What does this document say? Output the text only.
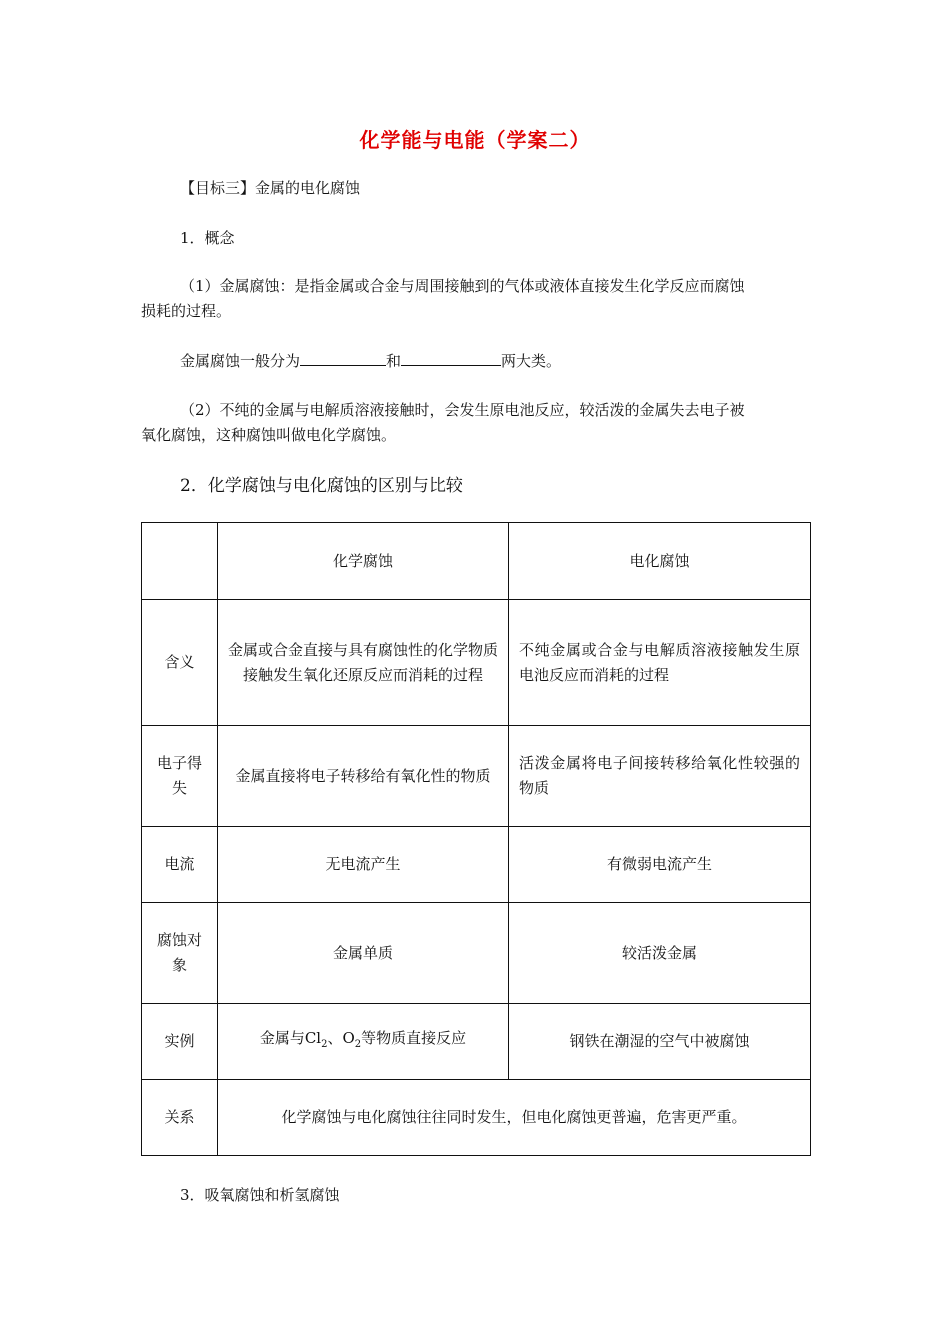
化学能与电能（学案二）
【目标三】金属的电化腐蚀
1．概念
（1）金属腐蚀：是指金属或合金与周围接触到的气体或液体直接发生化学反应而腐蚀
损耗的过程。
金属腐蚀一般分为	和	两大类。
（2）不纯的金属与电解质溶液接触时，会发生原电池反应，较活泼的金属失去电子被
氧化腐蚀，这种腐蚀叫做电化学腐蚀。
2．化学腐蚀与电化腐蚀的区别与比较
	化学腐蚀	电化腐蚀
含义	金属或合金直接与具有腐蚀性的化学物质接触发生氧化还原反应而消耗的过程	不纯金属或合金与电解质溶液接触发生原电池反应而消耗的过程
电子得失	金属直接将电子转移给有氧化性的物质	活泼金属将电子间接转移给氧化性较强的物质
电流	无电流产生	有微弱电流产生
腐蚀对象	金属单质	较活泼金属
实例	金属与$Cl_2$、$O_2$等物质直接反应	钢铁在潮湿的空气中被腐蚀
关系	化学腐蚀与电化腐蚀往往同时发生，但电化腐蚀更普遍，危害更严重。	
3．吸氧腐蚀和析氢腐蚀
